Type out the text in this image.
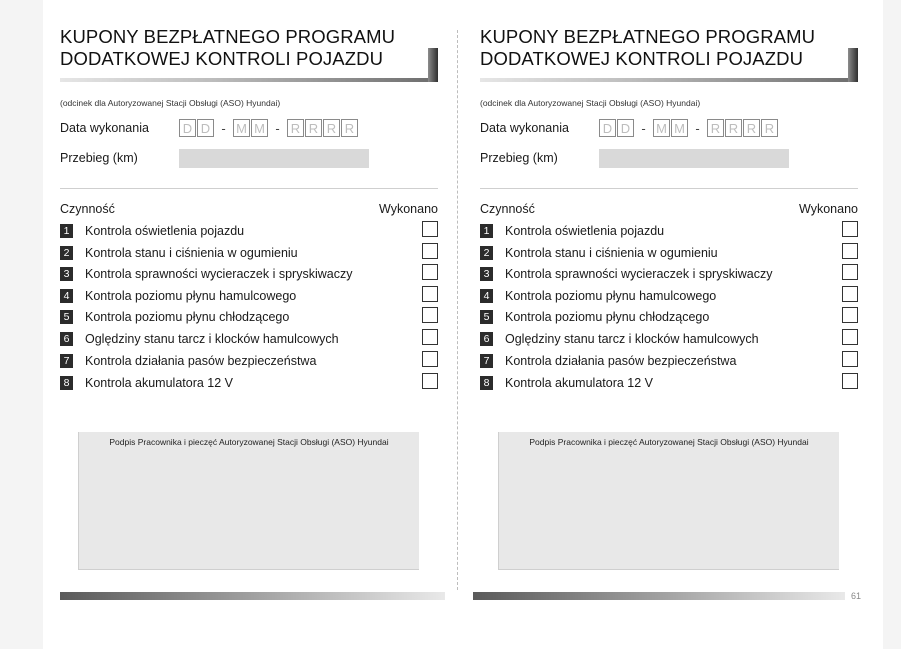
KUPONY BEZPŁATNEGO PROGRAMU
DODATKOWEJ KONTROLI POJAZDU
(odcinek dla Autoryzowanej Stacji Obsługi (ASO) Hyundai)
Data wykonania	D D - M M - R R R R
Przebieg (km)
Czynność	Wykonano
1 Kontrola oświetlenia pojazdu
2 Kontrola stanu i ciśnienia w ogumieniu
3 Kontrola sprawności wycieraczek i spryskiwaczy
4 Kontrola poziomu płynu hamulcowego
5 Kontrola poziomu płynu chłodzącego
6 Oględziny stanu tarcz i klocków hamulcowych
7 Kontrola działania pasów bezpieczeństwa
8 Kontrola akumulatora 12 V
Podpis Pracownika i pieczęć Autoryzowanej Stacji Obsługi (ASO) Hyundai
KUPONY BEZPŁATNEGO PROGRAMU
DODATKOWEJ KONTROLI POJAZDU
(odcinek dla Autoryzowanej Stacji Obsługi (ASO) Hyundai)
Data wykonania	D D - M M - R R R R
Przebieg (km)
Czynność	Wykonano
1 Kontrola oświetlenia pojazdu
2 Kontrola stanu i ciśnienia w ogumieniu
3 Kontrola sprawności wycieraczek i spryskiwaczy
4 Kontrola poziomu płynu hamulcowego
5 Kontrola poziomu płynu chłodzącego
6 Oględziny stanu tarcz i klocków hamulcowych
7 Kontrola działania pasów bezpieczeństwa
8 Kontrola akumulatora 12 V
Podpis Pracownika i pieczęć Autoryzowanej Stacji Obsługi (ASO) Hyundai
61
